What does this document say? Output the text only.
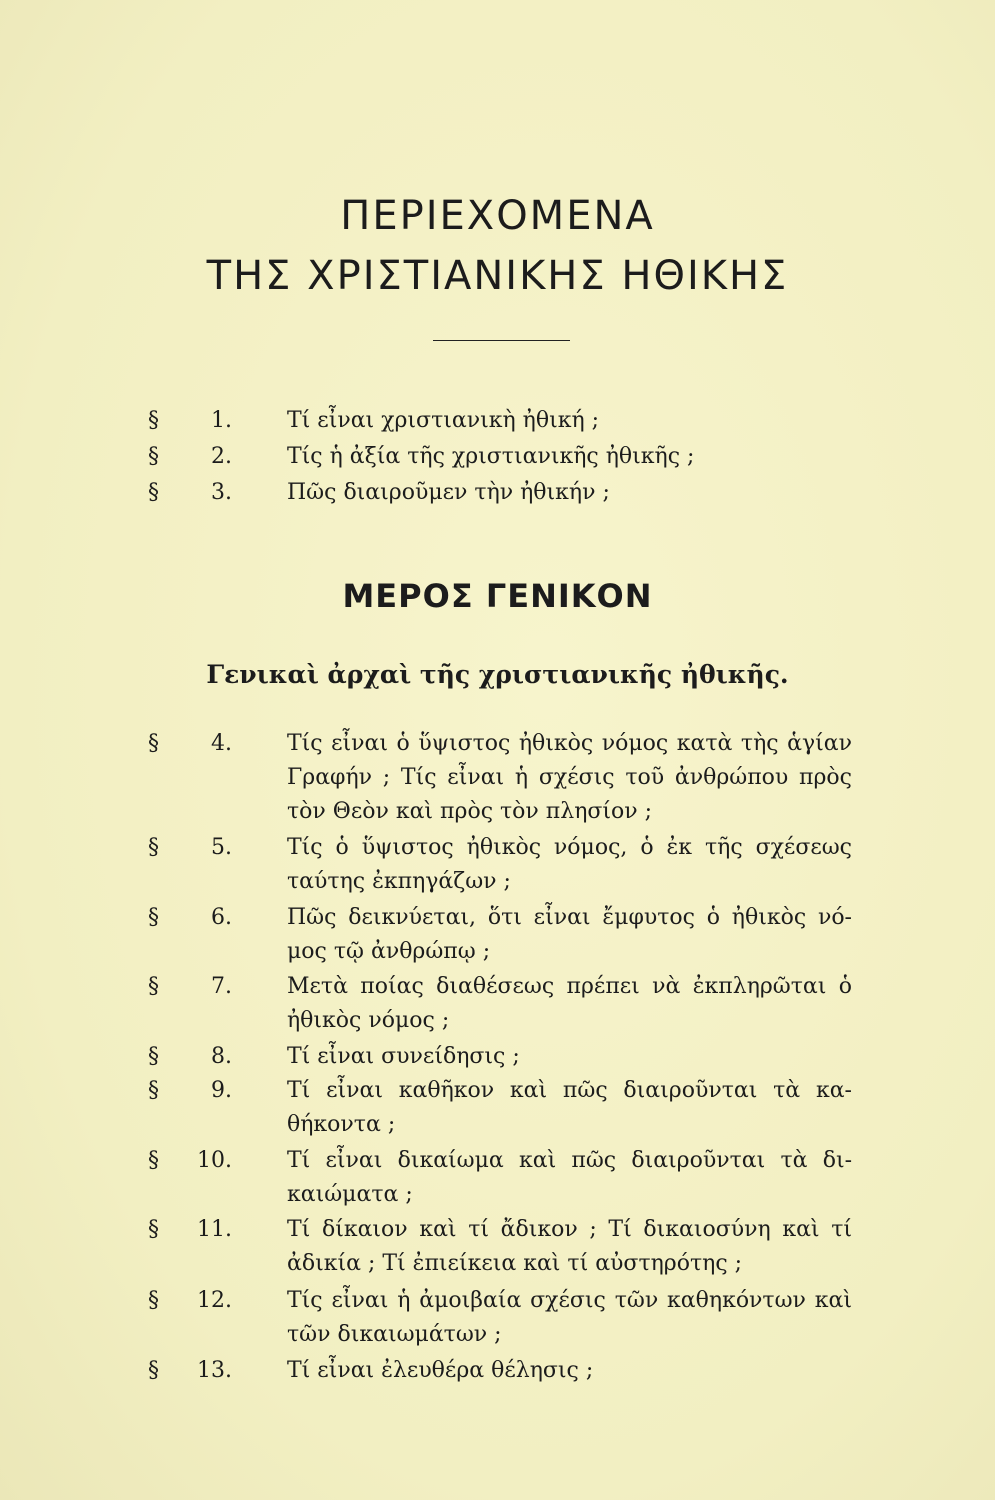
ΠΕΡΙΕΧΟΜΕΝΑ
ΤΗΣ ΧΡΙΣΤΙΑΝΙΚΗΣ ΗΘΙΚΗΣ
§	1.	Τί εἶναι χριστιανικὴ ἠθική ;

§	2.	Τίς ἡ ἀξία τῆς χριστιανικῆς ἠθικῆς ;

§	3.	Πῶς διαιροῦμεν τὴν ἠθικήν ;

ΜΕΡΟΣ ΓΕΝΙΚΟΝ
Γενικαὶ ἀρχαὶ τῆς χριστιανικῆς ἠθικῆς.
§	4.	Τίς εἶναι ὁ ὕψιστος ἠθικὸς νόμος κατὰ τὴς ἁγίαν
Γραφήν ; Τίς εἶναι ἡ σχέσις τοῦ ἀνθρώπου πρὸς
τὸν Θεὸν καὶ πρὸς τὸν πλησίον ;

§	5.	Τίς ὁ ὕψιστος ἠθικὸς νόμος, ὁ ἐκ τῆς σχέσεως
ταύτης ἐκπηγάζων ;

§	6.	Πῶς δεικνύεται, ὅτι εἶναι ἔμφυτος ὁ ἠθικὸς νό-
μος τῷ ἀνθρώπῳ ;

§	7.	Μετὰ ποίας διαθέσεως πρέπει νὰ ἐκπληρῶται ὁ
ἠθικὸς νόμος ;

§	8.	Τί εἶναι συνείδησις ;

§	9.	Τί εἶναι καθῆκον καὶ πῶς διαιροῦνται τὰ κα-
θήκοντα ;

§	10.	Τί εἶναι δικαίωμα καὶ πῶς διαιροῦνται τὰ δι-
καιώματα ;

§	11.	Τί δίκαιον καὶ τί ἄδικον ; Τί δικαιοσύνη καὶ τί
ἀδικία ; Τί ἐπιείκεια καὶ τί αὐστηρότης ;

§	12.	Τίς εἶναι ἡ ἀμοιβαία σχέσις τῶν καθηκόντων καὶ
τῶν δικαιωμάτων ;

§	13.	Τί εἶναι ἐλευθέρα θέλησις ;
